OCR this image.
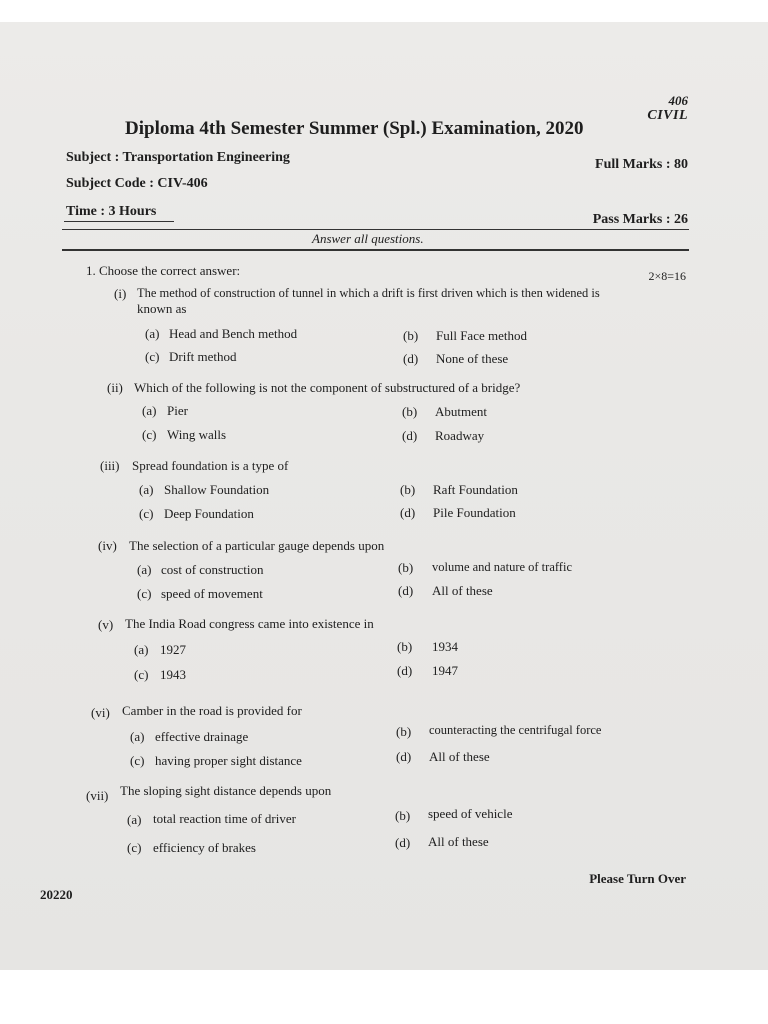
406
CIVIL
Diploma 4th Semester Summer (Spl.) Examination, 2020
Subject : Transportation Engineering	Full Marks : 80
Subject Code : CIV-406
Time : 3 Hours
Pass Marks : 26
Answer all questions.
1. Choose the correct answer:	2×8=16
(i) The method of construction of tunnel in which a drift is first driven which is then widened is
known as
(a) Head and Bench method	(b) Full Face method
(c) Drift method	(d) None of these
(ii) Which of the following is not the component of substructured of a bridge?
(a) Pier	(b) Abutment
(c) Wing walls	(d) Roadway
(iii) Spread foundation is a type of
(a) Shallow Foundation	(b) Raft Foundation
(c) Deep Foundation	(d) Pile Foundation
(iv) The selection of a particular gauge depends upon
(a) cost of construction	(b) volume and nature of traffic
(c) speed of movement	(d) All of these
(v) The India Road congress came into existence in
(a) 1927	(b) 1934
(c) 1943	(d) 1947
(vi) Camber in the road is provided for
(a) effective drainage	(b) counteracting the centrifugal force
(c) having proper sight distance	(d) All of these
(vii) The sloping sight distance depends upon
(a) total reaction time of driver	(b) speed of vehicle
(c) efficiency of brakes	(d) All of these
20220
Please Turn Over
